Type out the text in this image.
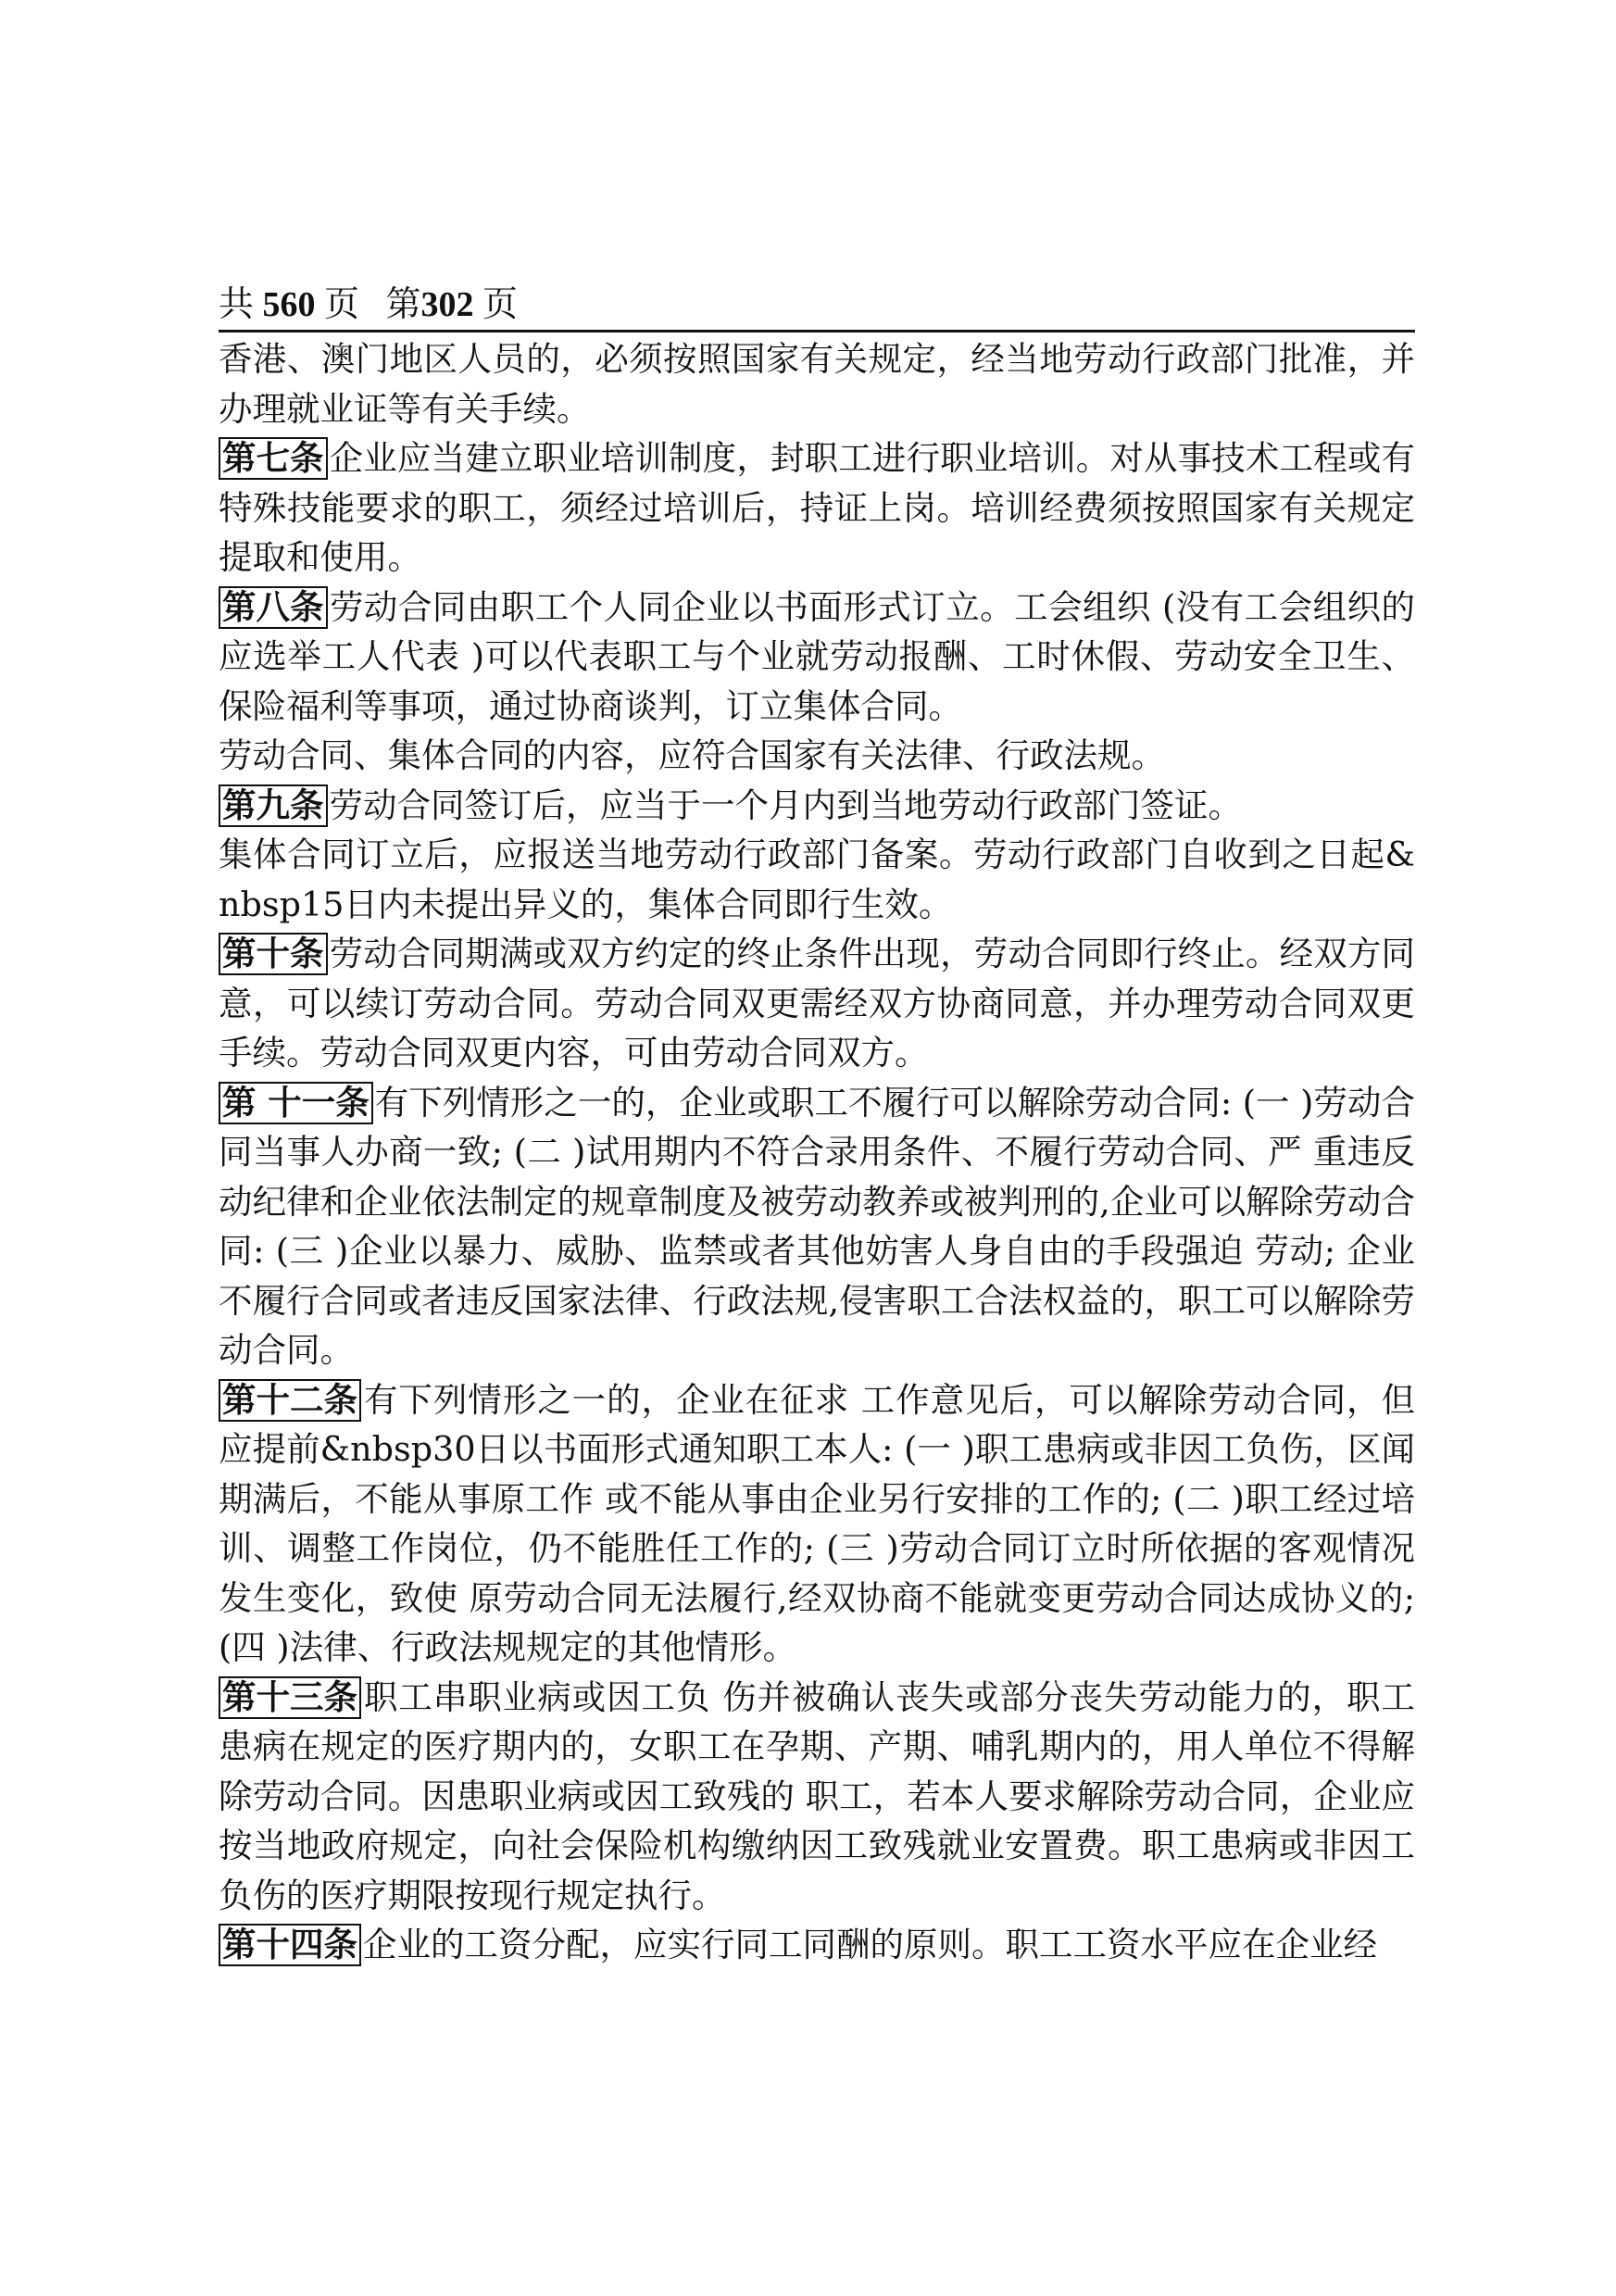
共 560 页 第302 页

香港、澳门地区人员的，必须按照国家有关规定，经当地劳动行政部门批准，并办理就业证等有关手续。

第七条 企业应当建立职业培训制度，封职工进行职业培训。对从事技术工程或有特殊技能要求的职工，须经过培训后，持证上岗。培训经费须按照国家有关规定提取和使用。

第八条 劳动合同由职工个人同企业以书面形式订立。工会组织 (没有工会组织的应选举工人代表 )可以代表职工与个业就劳动报酬、工时休假、劳动安全卫生、保险福利等事项，通过协商谈判，订立集体合同。

劳动合同、集体合同的内容，应符合国家有关法律、行政法规。

第九条 劳动合同签订后，应当于一个月内到当地劳动行政部门签证。

集体合同订立后，应报送当地劳动行政部门备案。劳动行政部门自收到之日起&nbsp15日内未提出异义的，集体合同即行生效。

第十条 劳动合同期满或双方约定的终止条件出现，劳动合同即行终止。经双方同意，可以续订劳动合同。劳动合同双更需经双方协商同意，并办理劳动合同双更手续。劳动合同双更内容，可由劳动合同双方。

第 十一条 有下列情形之一的，企业或职工不履行可以解除劳动合同: (一 )劳动合同当事人办商一致; (二 )试用期内不符合录用条件、不履行劳动合同、严 重违反动纪律和企业依法制定的规章制度及被劳动教养或被判刑的,企业可以解除劳动合同: (三 )企业以暴力、威胁、监禁或者其他妨害人身自由的手段强迫 劳动; 企业不履行合同或者违反国家法律、行政法规,侵害职工合法权益的，职工可以解除劳动合同。

第十二条 有下列情形之一的，企业在征求 工作意见后，可以解除劳动合同，但应提前&nbsp30日以书面形式通知职工本人: (一 )职工患病或非因工负伤，区闻期满后，不能从事原工作 或不能从事由企业另行安排的工作的; (二 )职工经过培训、调整工作岗位，仍不能胜任工作的; (三 )劳动合同订立时所依据的客观情况发生变化，致使 原劳动合同无法履行,经双协商不能就变更劳动合同达成协义的; (四 )法律、行政法规规定的其他情形。

第十三条 职工串职业病或因工负 伤并被确认丧失或部分丧失劳动能力的，职工患病在规定的医疗期内的，女职工在孕期、产期、哺乳期内的，用人单位不得解除劳动合同。因患职业病或因工致残的 职工，若本人要求解除劳动合同，企业应按当地政府规定，向社会保险机构缴纳因工致残就业安置费。职工患病或非因工负伤的医疗期限按现行规定执行。

第十四条 企业的工资分配，应实行同工同酬的原则。职工工资水平应在企业经
